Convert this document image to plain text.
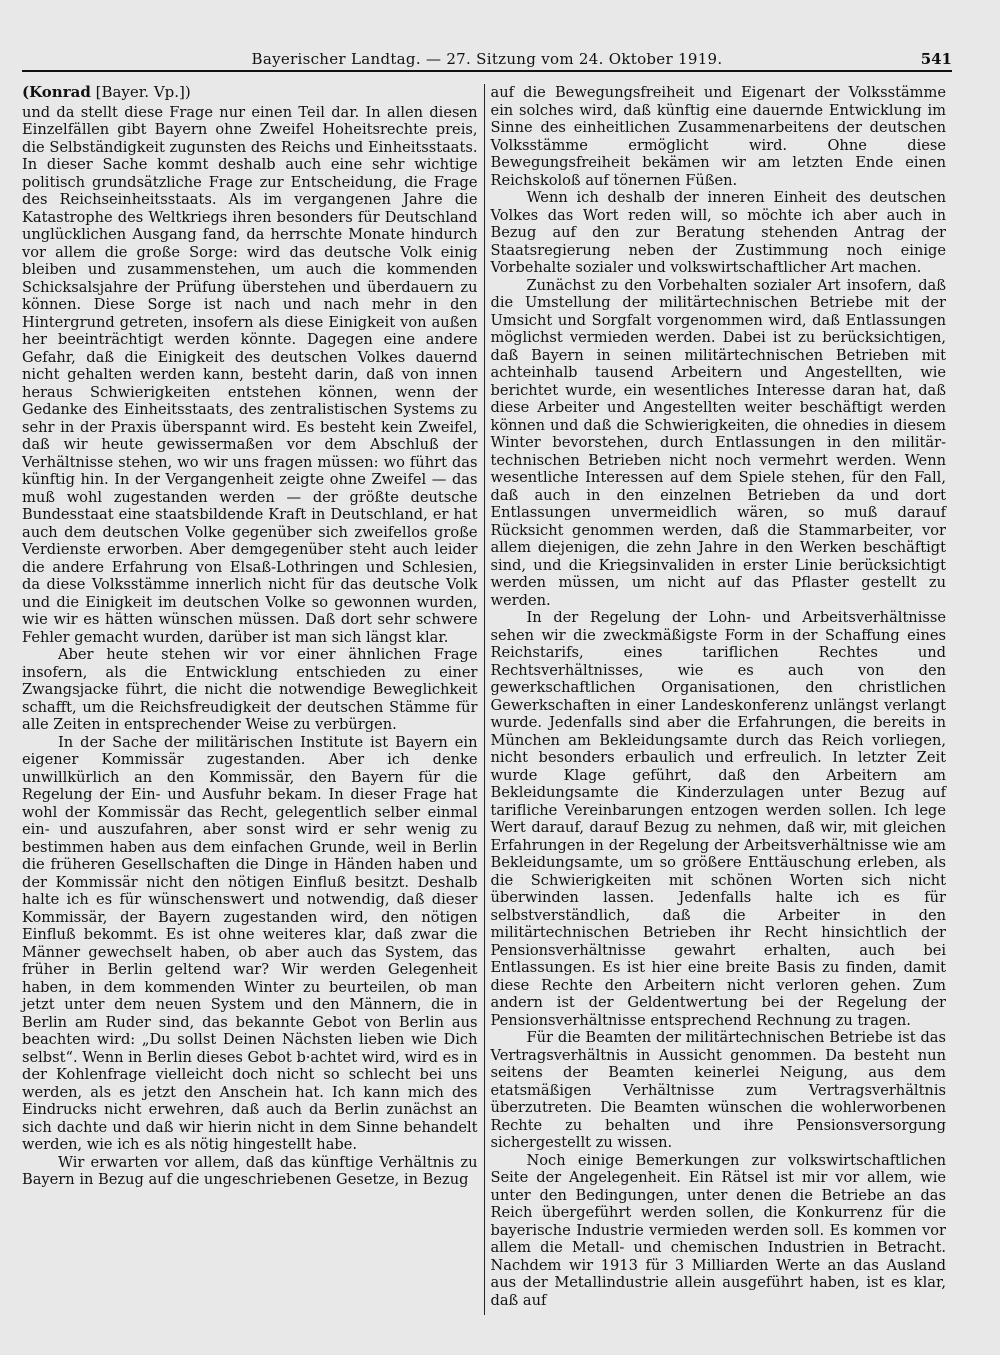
Bayerischer Landtag. — 27. Sitzung vom 24. Oktober 1919.	541
(Konrad [Bayer. Vp.])

und da stellt diese Frage nur einen Teil dar. In allen diesen Einzelfällen gibt Bayern ohne Zweifel Hoheitsrechte preis, die Selbständigkeit zugunsten des Reichs und Einheitsstaats. In dieser Sache kommt deshalb auch eine sehr wichtige politisch grundsätzliche Frage zur Entscheidung, die Frage des Reichseinheitsstaats. Als im vergangenen Jahre die Katastrophe des Weltkriegs ihren besonders für Deutschland unglücklichen Ausgang fand, da herrschte Monate hindurch vor allem die große Sorge: wird das deutsche Volk einig bleiben und zusammenstehen, um auch die kommenden Schicksalsjahre der Prüfung überstehen und überdauern zu können. Diese Sorge ist nach und nach mehr in den Hintergrund getreten, insofern als diese Einigkeit von außen her beeinträchtigt werden könnte. Dagegen eine andere Gefahr, daß die Einigkeit des deutschen Volkes dauernd nicht gehalten werden kann, besteht darin, daß von innen heraus Schwierigkeiten entstehen können, wenn der Gedanke des Einheitsstaats, des zentralistischen Systems zu sehr in der Praxis überspannt wird. Es besteht kein Zweifel, daß wir heute gewissermaßen vor dem Abschluß der Verhältnisse stehen, wo wir uns fragen müssen: wo führt das künftig hin. In der Vergangenheit zeigte ohne Zweifel — das muß wohl zugestanden werden — der größte deutsche Bundesstaat eine staatsbildende Kraft in Deutschland, er hat auch dem deutschen Volke gegenüber sich zweifellos große Verdienste erworben. Aber demgegenüber steht auch leider die andere Erfahrung von Elsaß-Lothringen und Schlesien, da diese Volksstämme innerlich nicht für das deutsche Volk und die Einigkeit im deutschen Volke so gewonnen wurden, wie wir es hätten wünschen müssen. Daß dort sehr schwere Fehler gemacht wurden, darüber ist man sich längst klar.

Aber heute stehen wir vor einer ähnlichen Frage insofern, als die Entwicklung entschieden zu einer Zwangsjacke führt, die nicht die notwendige Beweglichkeit schafft, um die Reichsfreudigkeit der deutschen Stämme für alle Zeiten in entsprechender Weise zu verbürgen.

In der Sache der militärischen Institute ist Bayern ein eigener Kommissär zugestanden. Aber ich denke unwillkürlich an den Kommissär, den Bayern für die Regelung der Ein- und Ausfuhr bekam. In dieser Frage hat wohl der Kommissär das Recht, gelegentlich selber einmal ein- und auszufahren, aber sonst wird er sehr wenig zu bestimmen haben aus dem einfachen Grunde, weil in Berlin die früheren Gesellschaften die Dinge in Händen haben und der Kommissär nicht den nötigen Einfluß besitzt. Deshalb halte ich es für wünschenswert und notwendig, daß dieser Kommissär, der Bayern zugestanden wird, den nötigen Einfluß bekommt. Es ist ohne weiteres klar, daß zwar die Männer gewechselt haben, ob aber auch das System, das früher in Berlin geltend war? Wir werden Gelegenheit haben, in dem kommenden Winter zu beurteilen, ob man jetzt unter dem neuen System und den Männern, die in Berlin am Ruder sind, das bekannte Gebot von Berlin aus beachten wird: „Du sollst Deinen Nächsten lieben wie Dich selbst“. Wenn in Berlin dieses Gebot b·achtet wird, wird es in der Kohlenfrage vielleicht doch nicht so schlecht bei uns werden, als es jetzt den Anschein hat. Ich kann mich des Eindrucks nicht erwehren, daß auch da Berlin zunächst an sich dachte und daß wir hierin nicht in dem Sinne behandelt werden, wie ich es als nötig hingestellt habe.

Wir erwarten vor allem, daß das künftige Verhältnis zu Bayern in Bezug auf die ungeschriebenen Gesetze, in Bezug

auf die Bewegungsfreiheit und Eigenart der Volksstämme ein solches wird, daß künftig eine dauernde Entwicklung im Sinne des einheitlichen Zusammenarbeitens der deutschen Volksstämme ermöglicht wird. Ohne diese Bewegungsfreiheit bekämen wir am letzten Ende einen Reichskoloß auf tönernen Füßen.

Wenn ich deshalb der inneren Einheit des deutschen Volkes das Wort reden will, so möchte ich aber auch in Bezug auf den zur Beratung stehenden Antrag der Staatsregierung neben der Zustimmung noch einige Vorbehalte sozialer und volkswirtschaftlicher Art machen.

Zunächst zu den Vorbehalten sozialer Art insofern, daß die Umstellung der militärtechnischen Betriebe mit der Umsicht und Sorgfalt vorgenommen wird, daß Entlassungen möglichst vermieden werden. Dabei ist zu berücksichtigen, daß Bayern in seinen militärtechnischen Betrieben mit achteinhalb tausend Arbeitern und Angestellten, wie berichtet wurde, ein wesentliches Interesse daran hat, daß diese Arbeiter und Angestellten weiter beschäftigt werden können und daß die Schwierigkeiten, die ohnedies in diesem Winter bevorstehen, durch Entlassungen in den militär-technischen Betrieben nicht noch vermehrt werden. Wenn wesentliche Interessen auf dem Spiele stehen, für den Fall, daß auch in den einzelnen Betrieben da und dort Entlassungen unvermeidlich wären, so muß darauf Rücksicht genommen werden, daß die Stammarbeiter, vor allem diejenigen, die zehn Jahre in den Werken beschäftigt sind, und die Kriegsinvaliden in erster Linie berücksichtigt werden müssen, um nicht auf das Pflaster gestellt zu werden.

In der Regelung der Lohn- und Arbeitsverhältnisse sehen wir die zweckmäßigste Form in der Schaffung eines Reichstarifs, eines tariflichen Rechtes und Rechtsverhältnisses, wie es auch von den gewerkschaftlichen Organisationen, den christlichen Gewerkschaften in einer Landeskonferenz unlängst verlangt wurde. Jedenfalls sind aber die Erfahrungen, die bereits in München am Bekleidungsamte durch das Reich vorliegen, nicht besonders erbaulich und erfreulich. In letzter Zeit wurde Klage geführt, daß den Arbeitern am Bekleidungsamte die Kinderzulagen unter Bezug auf tarifliche Vereinbarungen entzogen werden sollen. Ich lege Wert darauf, darauf Bezug zu nehmen, daß wir, mit gleichen Erfahrungen in der Regelung der Arbeitsverhältnisse wie am Bekleidungsamte, um so größere Enttäuschung erleben, als die Schwierigkeiten mit schönen Worten sich nicht überwinden lassen. Jedenfalls halte ich es für selbstverständlich, daß die Arbeiter in den militärtechnischen Betrieben ihr Recht hinsichtlich der Pensionsverhältnisse gewahrt erhalten, auch bei Entlassungen. Es ist hier eine breite Basis zu finden, damit diese Rechte den Arbeitern nicht verloren gehen. Zum andern ist der Geldentwertung bei der Regelung der Pensionsverhältnisse entsprechend Rechnung zu tragen.

Für die Beamten der militärtechnischen Betriebe ist das Vertragsverhältnis in Aussicht genommen. Da besteht nun seitens der Beamten keinerlei Neigung, aus dem etatsmäßigen Verhältnisse zum Vertragsverhältnis überzutreten. Die Beamten wünschen die wohlerworbenen Rechte zu behalten und ihre Pensionsversorgung sichergestellt zu wissen.

Noch einige Bemerkungen zur volkswirtschaftlichen Seite der Angelegenheit. Ein Rätsel ist mir vor allem, wie unter den Bedingungen, unter denen die Betriebe an das Reich übergeführt werden sollen, die Konkurrenz für die bayerische Industrie vermieden werden soll. Es kommen vor allem die Metall- und chemischen Industrien in Betracht. Nachdem wir 1913 für 3 Milliarden Werte an das Ausland aus der Metallindustrie allein ausgeführt haben, ist es klar, daß auf
